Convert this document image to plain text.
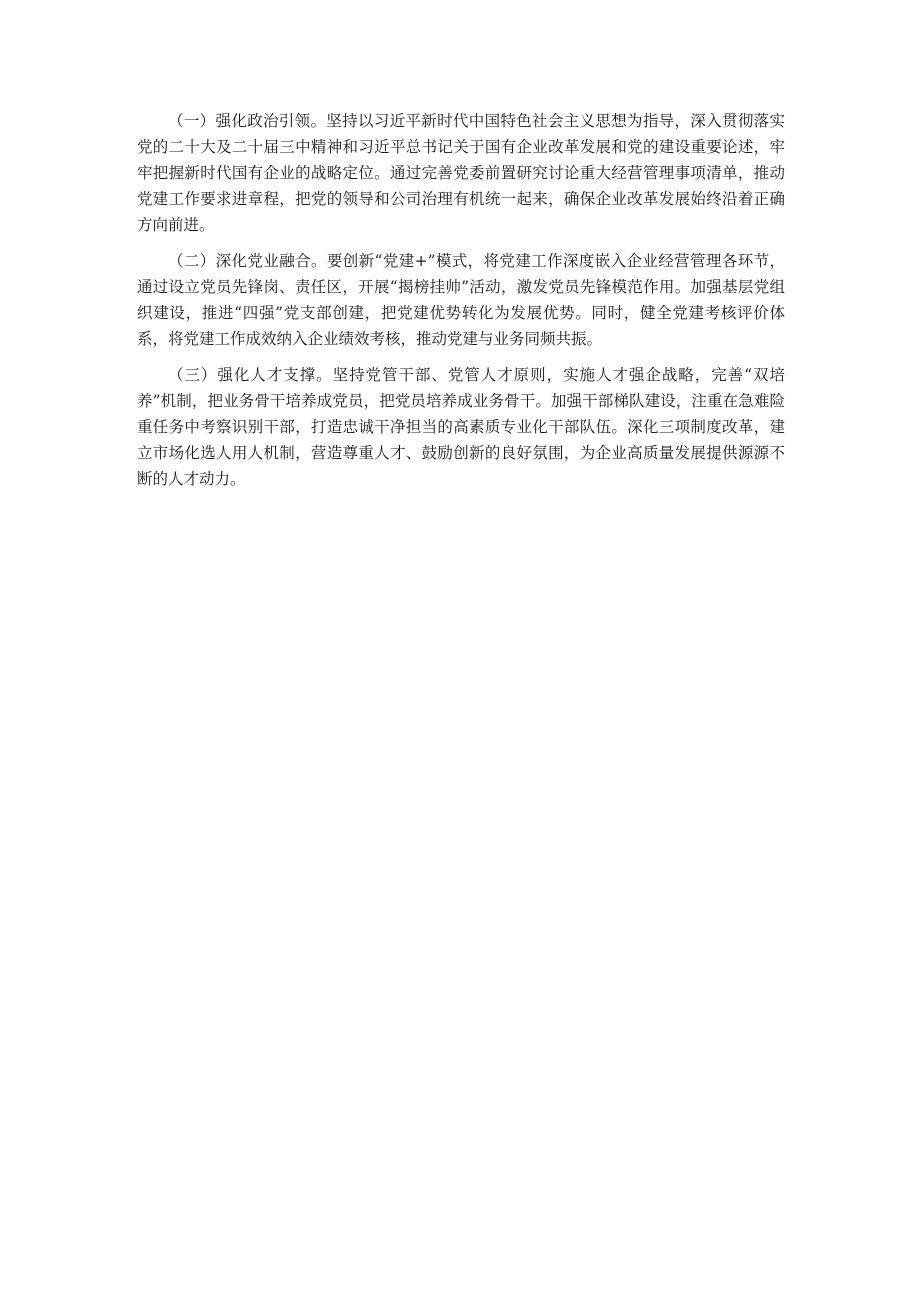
（一）强化政治引领。坚持以习近平新时代中国特色社会主义思想为指导，深入贯彻落实党的二十大及二十届三中精神和习近平总书记关于国有企业改革发展和党的建设重要论述，牢牢把握新时代国有企业的战略定位。通过完善党委前置研究讨论重大经营管理事项清单，推动党建工作要求进章程，把党的领导和公司治理有机统一起来，确保企业改革发展始终沿着正确方向前进。

（二）深化党业融合。要创新“党建+”模式，将党建工作深度嵌入企业经营管理各环节，通过设立党员先锋岗、责任区，开展“揭榜挂帅”活动，激发党员先锋模范作用。加强基层党组织建设，推进“四强”党支部创建，把党建优势转化为发展优势。同时，健全党建考核评价体系，将党建工作成效纳入企业绩效考核，推动党建与业务同频共振。

（三）强化人才支撑。坚持党管干部、党管人才原则，实施人才强企战略，完善“双培养”机制，把业务骨干培养成党员，把党员培养成业务骨干。加强干部梯队建设，注重在急难险重任务中考察识别干部，打造忠诚干净担当的高素质专业化干部队伍。深化三项制度改革，建立市场化选人用人机制，营造尊重人才、鼓励创新的良好氛围，为企业高质量发展提供源源不断的人才动力。
